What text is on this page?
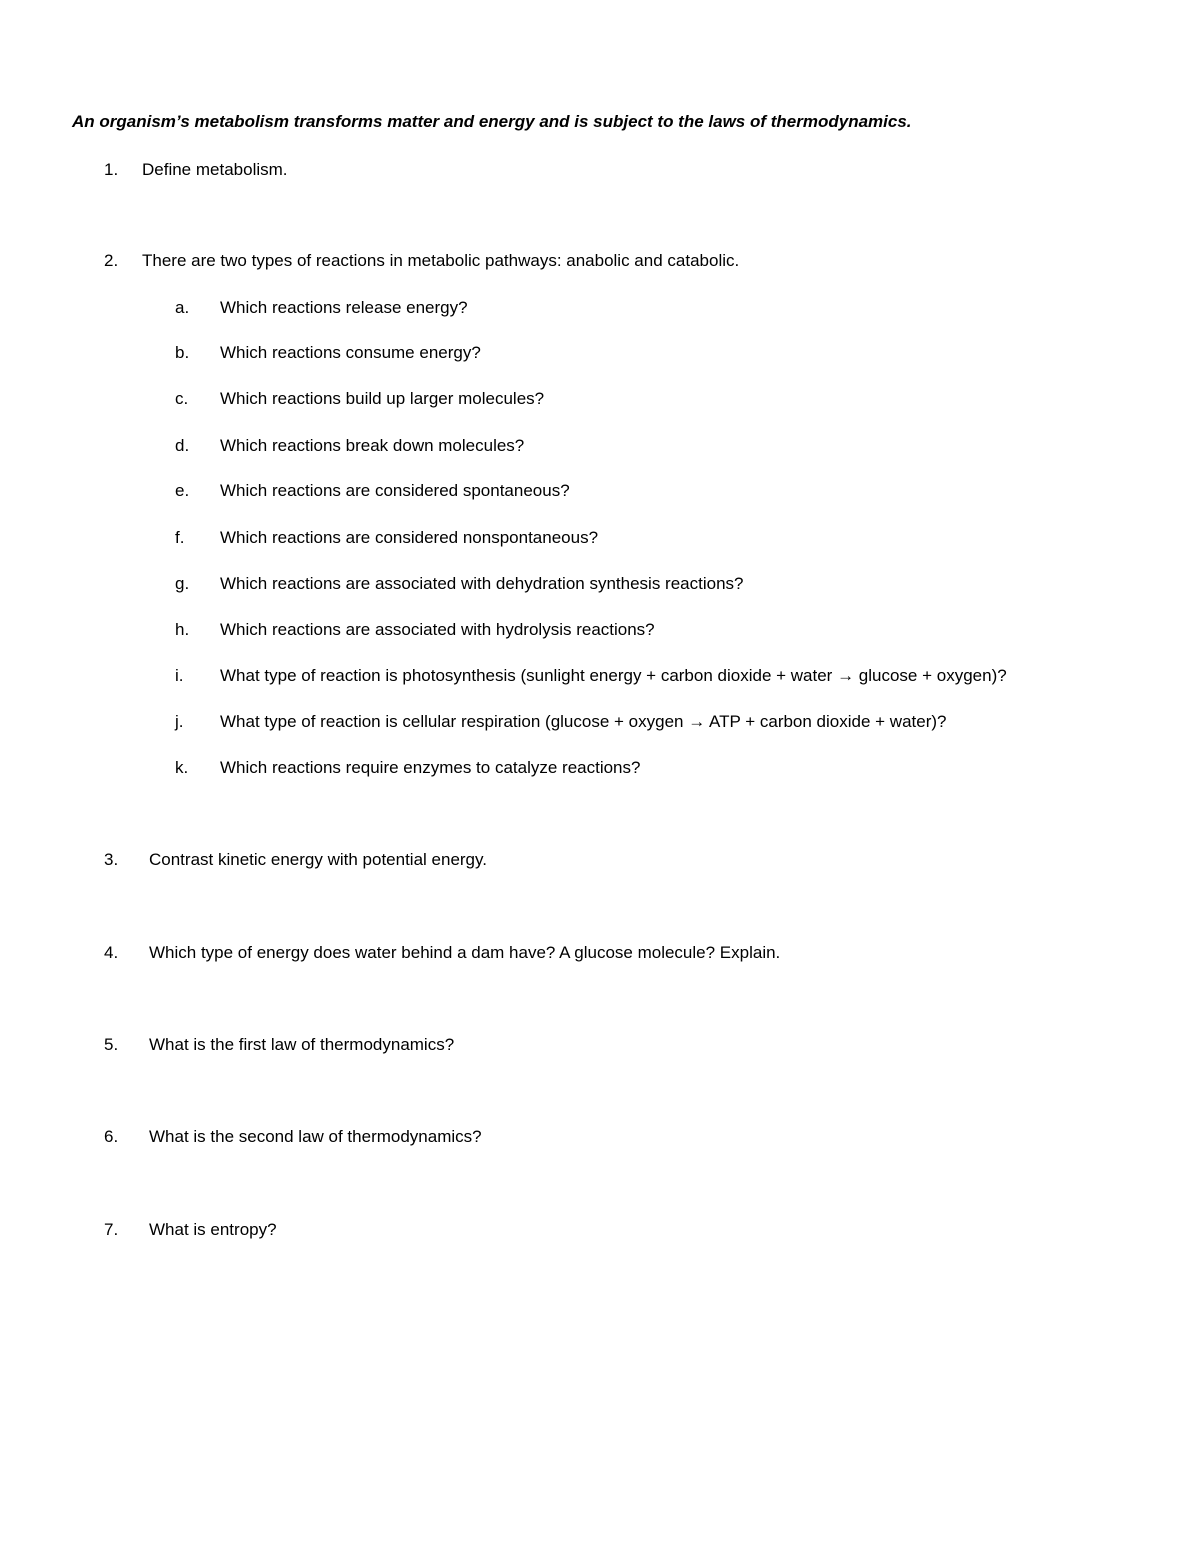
An organism’s metabolism transforms matter and energy and is subject to the laws of thermodynamics.
1. Define metabolism.
2. There are two types of reactions in metabolic pathways: anabolic and catabolic.
a. Which reactions release energy?
b. Which reactions consume energy?
c. Which reactions build up larger molecules?
d. Which reactions break down molecules?
e. Which reactions are considered spontaneous?
f. Which reactions are considered nonspontaneous?
g. Which reactions are associated with dehydration synthesis reactions?
h. Which reactions are associated with hydrolysis reactions?
i. What type of reaction is photosynthesis (sunlight energy + carbon dioxide + water → glucose + oxygen)?
j. What type of reaction is cellular respiration (glucose + oxygen → ATP + carbon dioxide + water)?
k. Which reactions require enzymes to catalyze reactions?
3. Contrast kinetic energy with potential energy.
4. Which type of energy does water behind a dam have? A glucose molecule? Explain.
5. What is the first law of thermodynamics?
6. What is the second law of thermodynamics?
7. What is entropy?
